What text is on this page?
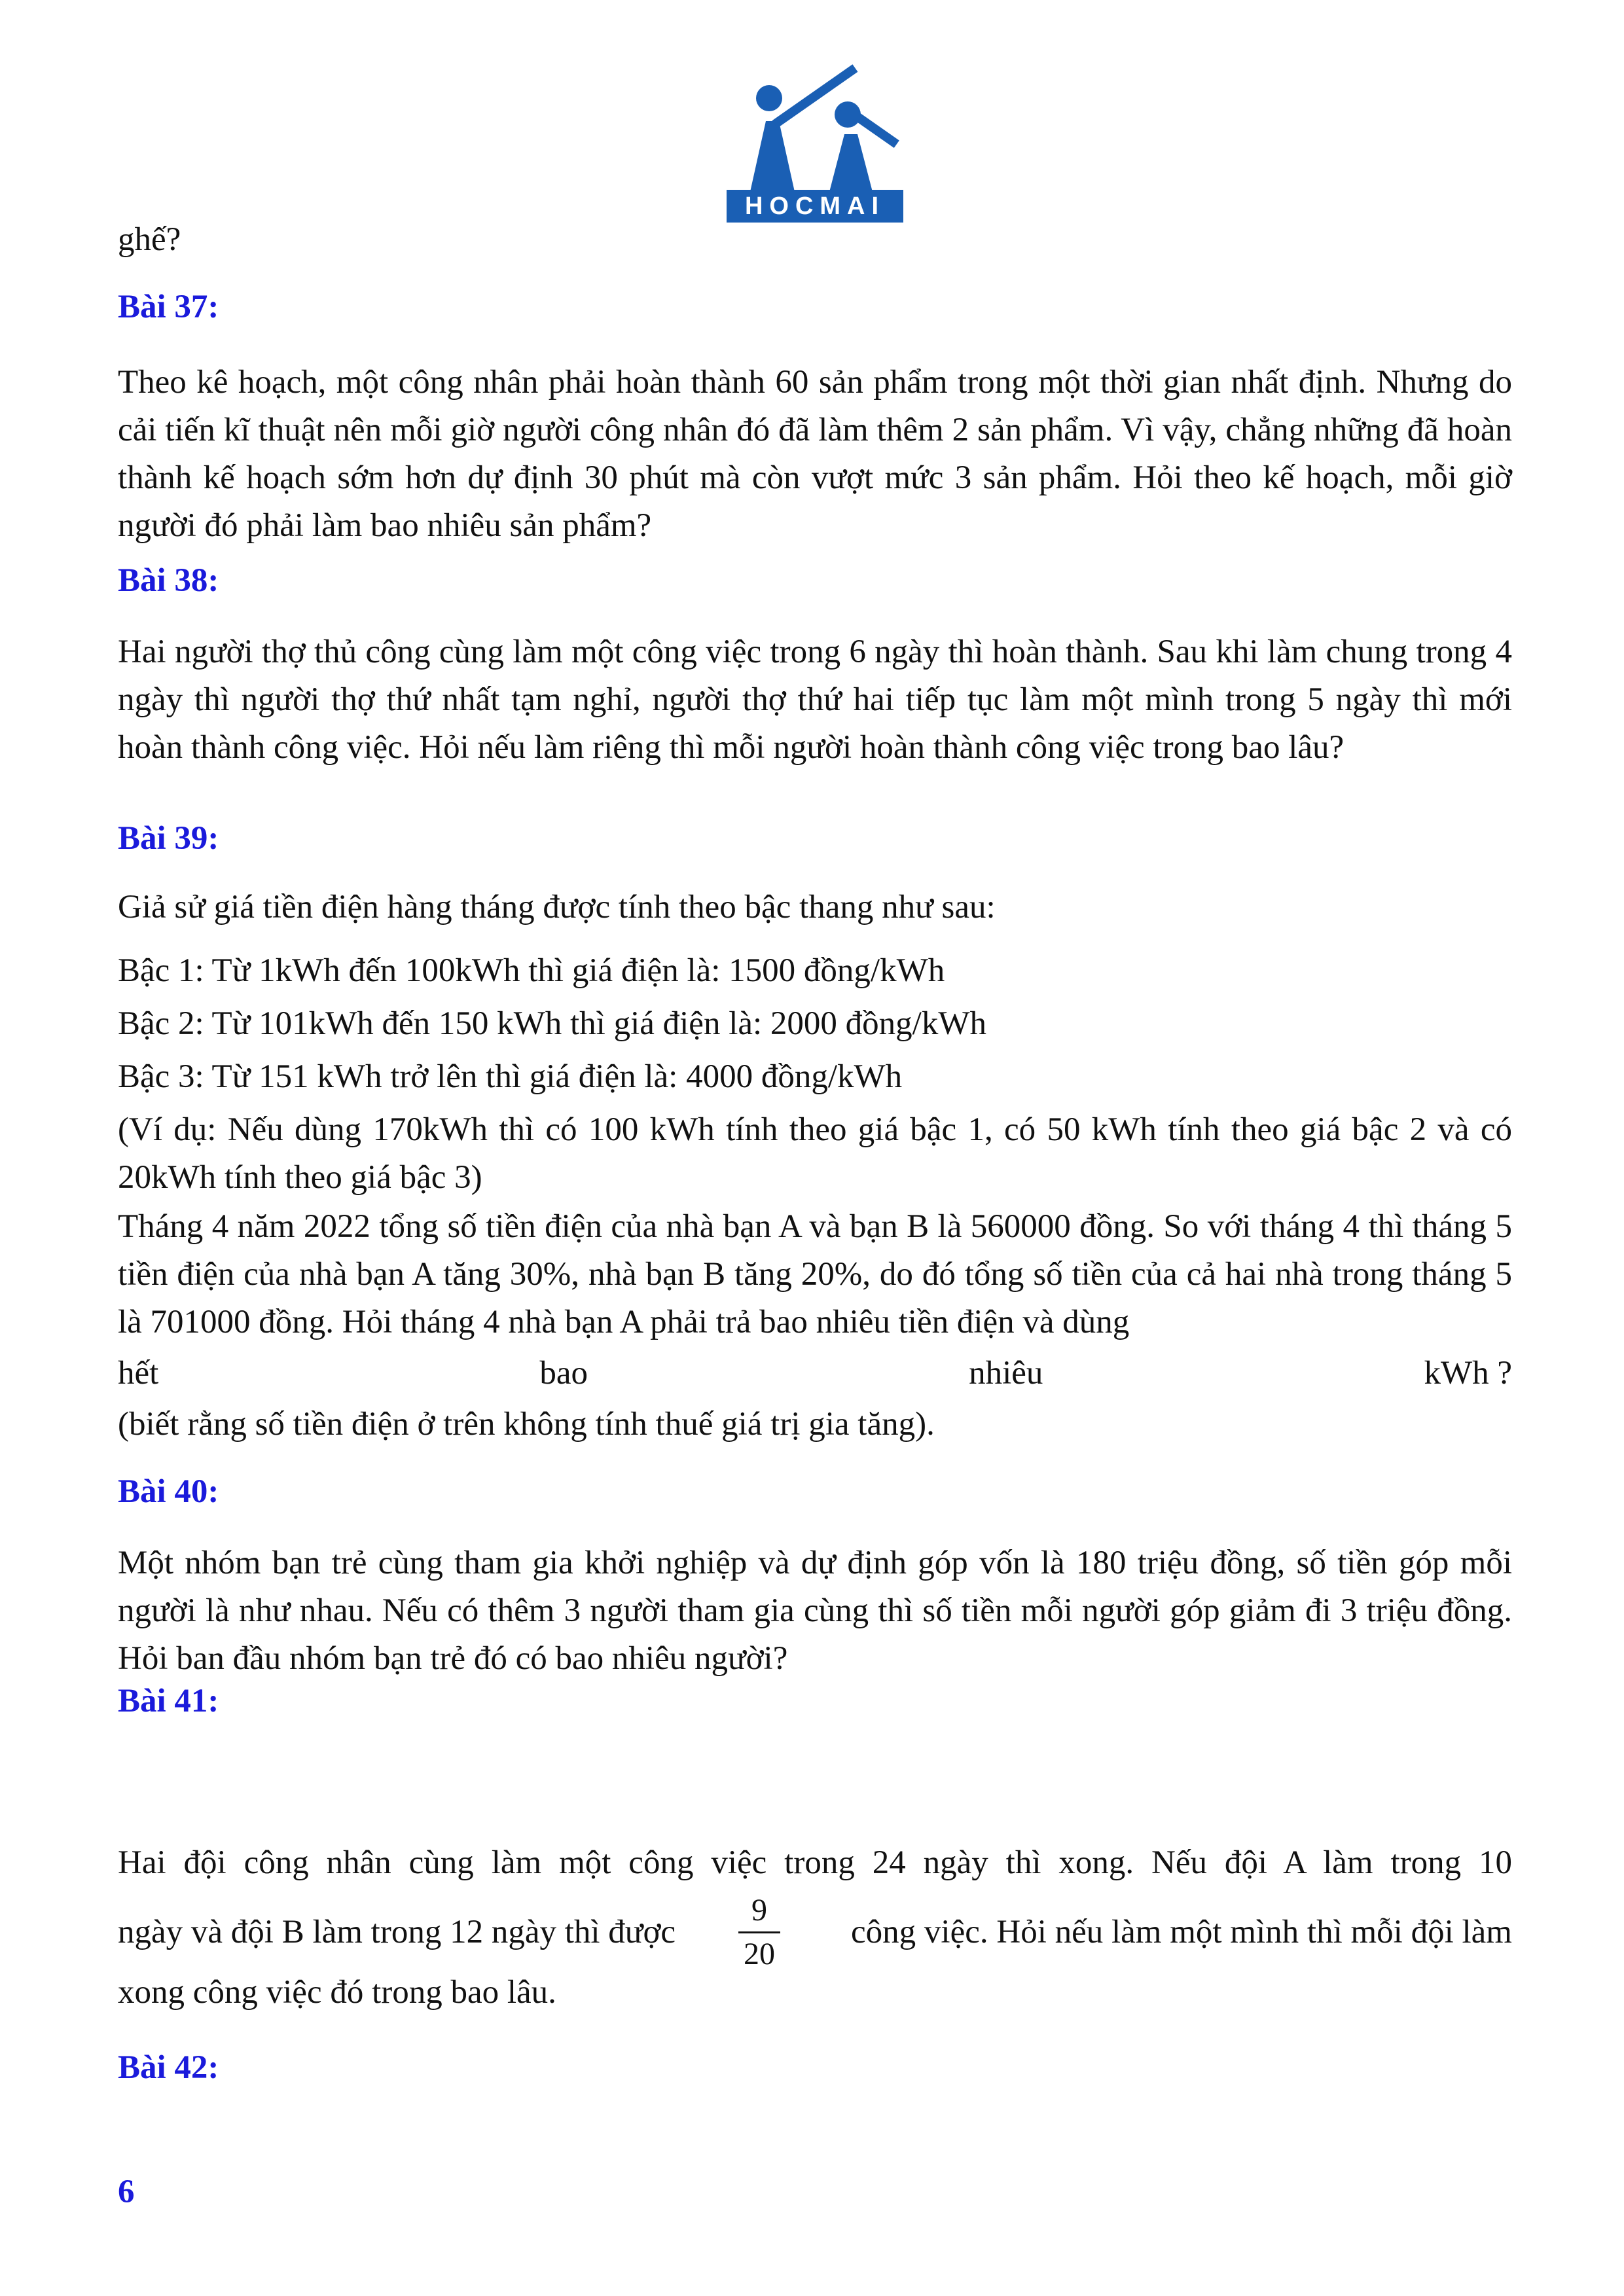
HOCMAI

ghế?

Bài 37:

Theo kê hoạch, một công nhân phải hoàn thành 60 sản phẩm trong một thời gian nhất định. Nhưng do cải tiến kĩ thuật nên mỗi giờ người công nhân đó đã làm thêm 2 sản phẩm. Vì vậy, chẳng những đã hoàn thành kế hoạch sớm hơn dự định 30 phút mà còn vượt mức 3 sản phẩm. Hỏi theo kế hoạch, mỗi giờ người đó phải làm bao nhiêu sản phẩm?

Bài 38:

Hai người thợ thủ công cùng làm một công việc trong 6 ngày thì hoàn thành. Sau khi làm chung trong 4 ngày thì người thợ thứ nhất tạm nghỉ, người thợ thứ hai tiếp tục làm một mình trong 5 ngày thì mới hoàn thành công việc. Hỏi nếu làm riêng thì mỗi người hoàn thành công việc trong bao lâu?

Bài 39:

Giả sử giá tiền điện hàng tháng được tính theo bậc thang như sau:

Bậc 1: Từ 1kWh đến 100kWh thì giá điện là: 1500 đồng/kWh

Bậc 2: Từ 101kWh đến 150 kWh thì giá điện là: 2000 đồng/kWh

Bậc 3: Từ 151 kWh trở lên thì giá điện là: 4000 đồng/kWh

(Ví dụ: Nếu dùng 170kWh thì có 100 kWh tính theo giá bậc 1, có 50 kWh tính theo giá bậc 2 và có 20kWh tính theo giá bậc 3)

Tháng 4 năm 2022 tổng số tiền điện của nhà bạn A và bạn B là 560000 đồng. So với tháng 4 thì tháng 5 tiền điện của nhà bạn A tăng 30%, nhà bạn B tăng 20%, do đó tổng số tiền của cả hai nhà trong tháng 5 là 701000 đồng. Hỏi tháng 4 nhà bạn A phải trả bao nhiêu tiền điện và dùng

hết	bao	nhiêu	kWh ?

(biết rằng số tiền điện ở trên không tính thuế giá trị gia tăng).

Bài 40:

Một nhóm bạn trẻ cùng tham gia khởi nghiệp và dự định góp vốn là 180 triệu đồng, số tiền góp mỗi người là như nhau. Nếu có thêm 3 người tham gia cùng thì số tiền mỗi người góp giảm đi 3 triệu đồng. Hỏi ban đầu nhóm bạn trẻ đó có bao nhiêu người?

Bài 41:

Hai đội công nhân cùng làm một công việc trong 24 ngày thì xong. Nếu đội A làm trong 10

ngày và đội B làm trong 12 ngày thì được $\frac{9}{20}$ công việc. Hỏi nếu làm một mình thì mỗi đội làm

xong công việc đó trong bao lâu.

Bài 42:

6
